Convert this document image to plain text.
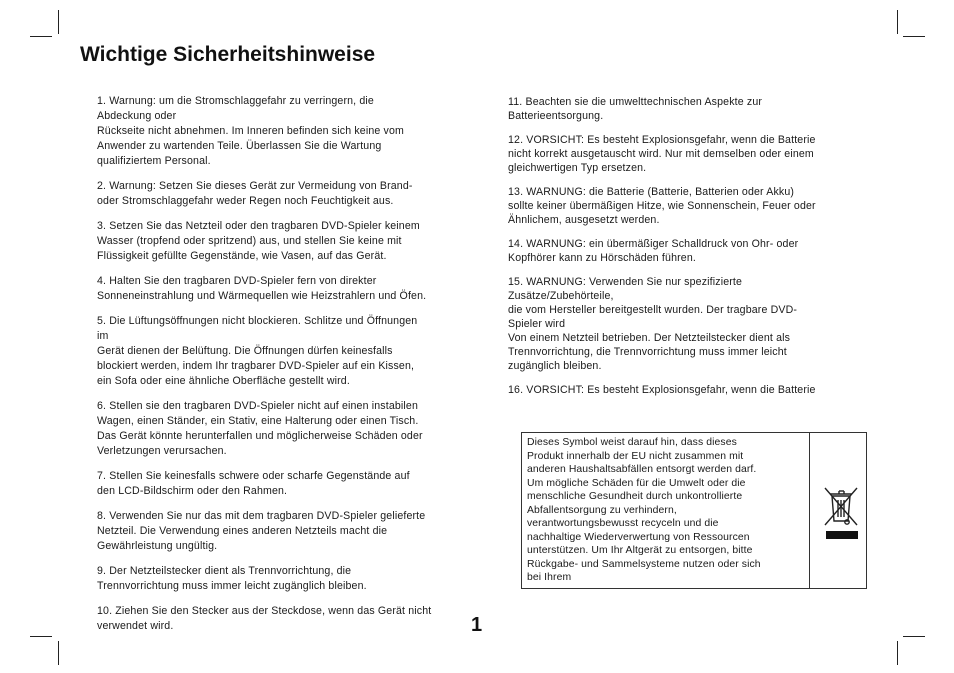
Wichtige Sicherheitshinweise

1. Warnung: um die Stromschlaggefahr zu verringern, die

Abdeckung oder

Rückseite nicht abnehmen. Im Inneren befinden sich keine vom

Anwender zu wartenden Teile. Überlassen Sie die Wartung

qualifiziertem Personal.

2. Warnung: Setzen Sie dieses Gerät zur Vermeidung von Brand-

oder Stromschlaggefahr weder Regen noch Feuchtigkeit aus.

3. Setzen Sie das Netzteil oder den tragbaren DVD-Spieler keinem

Wasser (tropfend oder spritzend) aus, und stellen Sie keine mit

Flüssigkeit gefüllte Gegenstände, wie Vasen, auf das Gerät.

4. Halten Sie den tragbaren DVD-Spieler fern von direkter

Sonneneinstrahlung und Wärmequellen wie Heizstrahlern und Öfen.

5. Die Lüftungsöffnungen nicht blockieren. Schlitze und Öffnungen

im

Gerät dienen der Belüftung. Die Öffnungen dürfen keinesfalls

blockiert werden, indem Ihr tragbarer DVD-Spieler auf ein Kissen,

ein Sofa oder eine ähnliche Oberfläche gestellt wird.

6. Stellen sie den tragbaren DVD-Spieler nicht auf einen instabilen

Wagen, einen Ständer, ein Stativ, eine Halterung oder einen Tisch.

Das Gerät könnte herunterfallen und möglicherweise Schäden oder

Verletzungen verursachen.

7. Stellen Sie keinesfalls schwere oder scharfe Gegenstände auf

den LCD-Bildschirm oder den Rahmen.

8. Verwenden Sie nur das mit dem tragbaren DVD-Spieler gelieferte

Netzteil. Die Verwendung eines anderen Netzteils macht die

Gewährleistung ungültig.

9. Der Netzteilstecker dient als Trennvorrichtung, die

Trennvorrichtung muss immer leicht zugänglich bleiben.

10. Ziehen Sie den Stecker aus der Steckdose, wenn das Gerät nicht

verwendet wird.

11. Beachten sie die umwelttechnischen Aspekte zur

Batterieentsorgung.

12. VORSICHT: Es besteht Explosionsgefahr, wenn die Batterie

nicht korrekt ausgetauscht wird. Nur mit demselben oder einem

gleichwertigen Typ ersetzen.

13. WARNUNG: die Batterie (Batterie, Batterien oder Akku)

sollte keiner übermäßigen Hitze, wie Sonnenschein, Feuer oder

Ähnlichem, ausgesetzt werden.

14. WARNUNG: ein übermäßiger Schalldruck von Ohr- oder

Kopfhörer kann zu Hörschäden führen.

15. WARNUNG: Verwenden Sie nur spezifizierte

Zusätze/Zubehörteile,

die vom Hersteller bereitgestellt wurden. Der tragbare DVD-

Spieler wird

Von einem Netzteil betrieben. Der Netzteilstecker dient als

Trennvorrichtung, die Trennvorrichtung muss immer leicht

zugänglich bleiben.

16. VORSICHT: Es besteht Explosionsgefahr, wenn die Batterie

Dieses Symbol weist darauf hin, dass dieses
Produkt innerhalb der EU nicht zusammen mit
anderen Haushaltsabfällen entsorgt werden darf.
Um mögliche Schäden für die Umwelt oder die
menschliche Gesundheit durch unkontrollierte
Abfallentsorgung zu verhindern,
verantwortungsbewusst recyceln und die
nachhaltige Wiederverwertung von Ressourcen
unterstützen. Um Ihr Altgerät zu entsorgen, bitte
Rückgabe- und Sammelsysteme nutzen oder sich
bei Ihrem
1
